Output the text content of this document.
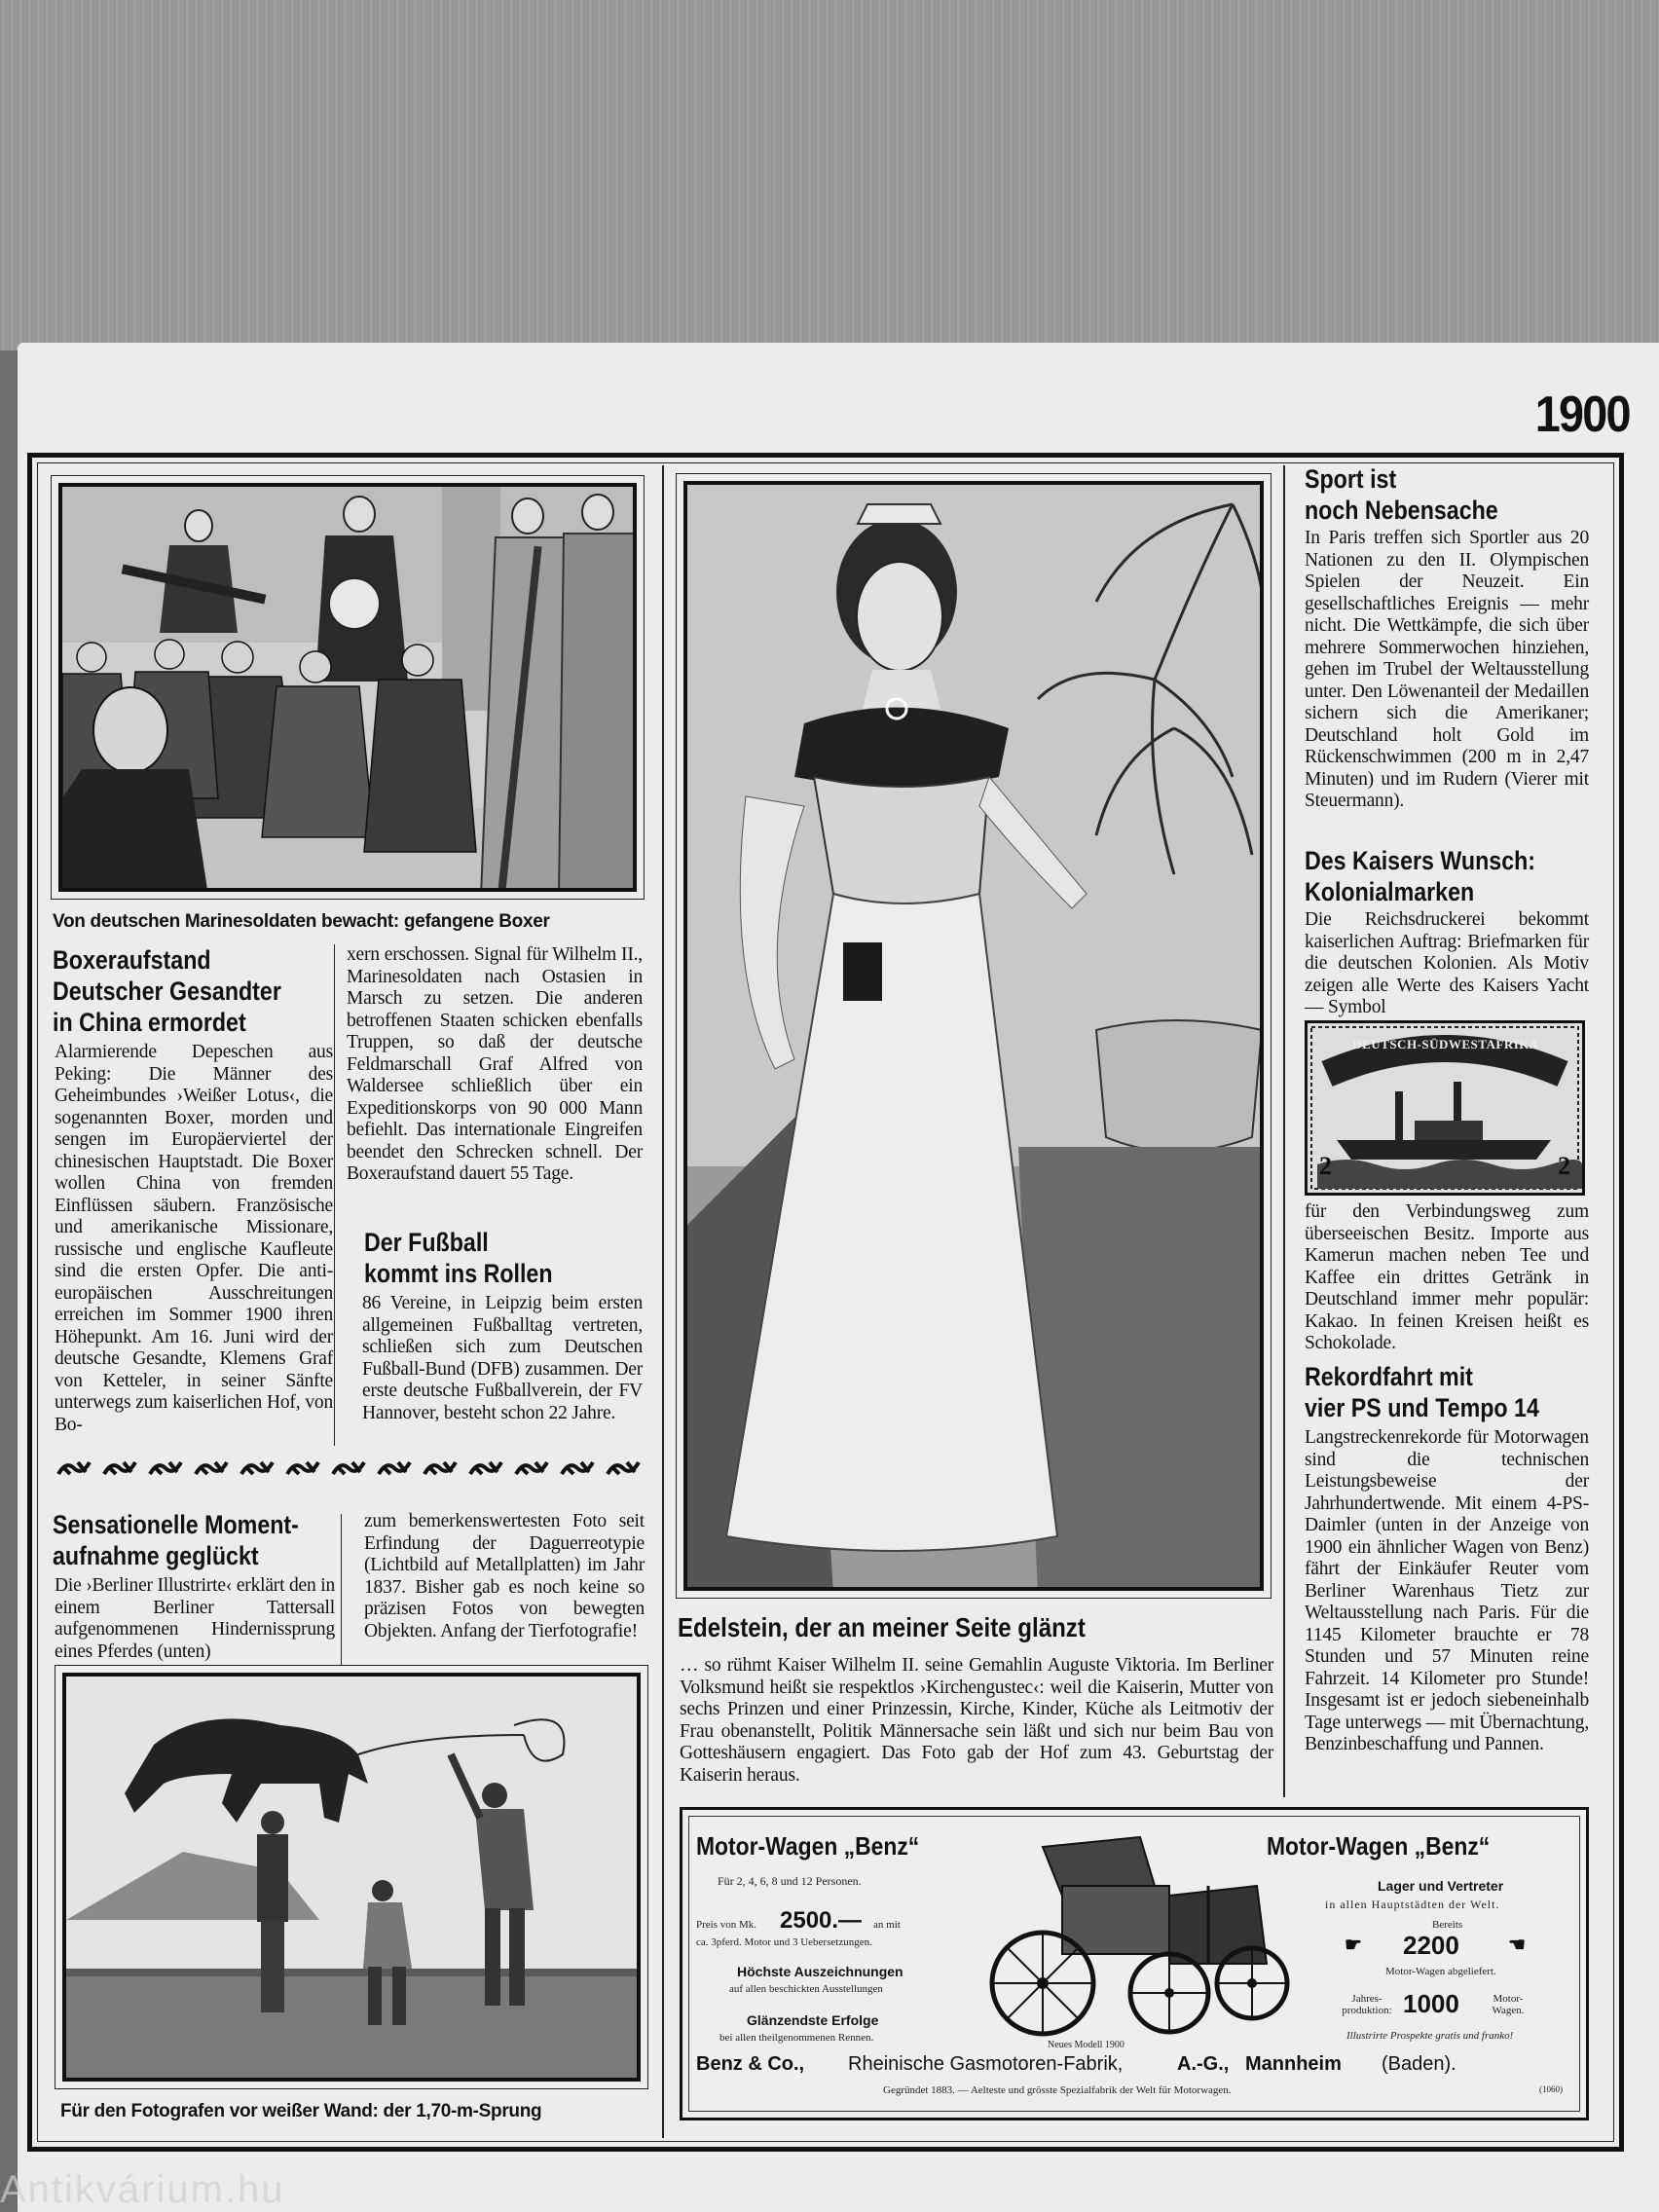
1900
Von deutschen Marinesoldaten bewacht: gefangene Boxer
Boxeraufstand
Deutscher Gesandter
in China ermordet
Alarmierende Depeschen aus Peking: Die Männer des Geheimbundes ›Weißer Lotus‹, die sogenannten Boxer, morden und sengen im Europäerviertel der chinesischen Hauptstadt. Die Boxer wollen China von fremden Einflüssen säubern. Französische und amerikanische Missionare, russische und englische Kaufleute sind die ersten Opfer. Die anti-europäischen Ausschreitungen erreichen im Sommer 1900 ihren Höhepunkt. Am 16. Juni wird der deutsche Gesandte, Klemens Graf von Ketteler, in seiner Sänfte unterwegs zum kaiserlichen Hof, von Bo-
xern erschossen. Signal für Wilhelm II., Marinesoldaten nach Ostasien in Marsch zu setzen. Die anderen betroffenen Staaten schicken ebenfalls Truppen, so daß der deutsche Feldmarschall Graf Alfred von Waldersee schließlich über ein Expeditionskorps von 90 000 Mann befiehlt. Das internationale Eingreifen beendet den Schrecken schnell. Der Boxeraufstand dauert 55 Tage.
Der Fußball
kommt ins Rollen
86 Vereine, in Leipzig beim ersten allgemeinen Fußballtag vertreten, schließen sich zum Deutschen Fußball-Bund (DFB) zusammen. Der erste deutsche Fußballverein, der FV Hannover, besteht schon 22 Jahre.
Sensationelle Moment-
aufnahme geglückt
Die ›Berliner Illustrirte‹ erklärt den in einem Berliner Tattersall aufgenommenen Hindernissprung eines Pferdes (unten)
zum bemerkenswertesten Foto seit Erfindung der Daguerreotypie (Lichtbild auf Metallplatten) im Jahr 1837. Bisher gab es noch keine so präzisen Fotos von bewegten Objekten. Anfang der Tierfotografie!
Für den Fotografen vor weißer Wand: der 1,70-m-Sprung
Edelstein, der an meiner Seite glänzt
… so rühmt Kaiser Wilhelm II. seine Gemahlin Auguste Viktoria. Im Berliner Volksmund heißt sie respektlos ›Kirchengustec‹: weil die Kaiserin, Mutter von sechs Prinzen und einer Prinzessin, Kirche, Kinder, Küche als Leitmotiv der Frau obenanstellt, Politik Männersache sein läßt und sich nur beim Bau von Gotteshäusern engagiert. Das Foto gab der Hof zum 43. Geburtstag der Kaiserin heraus.
Sport ist
noch Nebensache
In Paris treffen sich Sportler aus 20 Nationen zu den II. Olympischen Spielen der Neuzeit. Ein gesellschaftliches Ereignis — mehr nicht. Die Wettkämpfe, die sich über mehrere Sommerwochen hinziehen, gehen im Trubel der Weltausstellung unter. Den Löwenanteil der Medaillen sichern sich die Amerikaner; Deutschland holt Gold im Rückenschwimmen (200 m in 2,47 Minuten) und im Rudern (Vierer mit Steuermann).
Des Kaisers Wunsch:
Kolonialmarken
Die Reichsdruckerei bekommt kaiserlichen Auftrag: Briefmarken für die deutschen Kolonien. Als Motiv zeigen alle Werte des Kaisers Yacht — Symbol
DEUTSCH-SÜDWESTAFRIKA
2	2
für den Verbindungsweg zum überseeischen Besitz. Importe aus Kamerun machen neben Tee und Kaffee ein drittes Getränk in Deutschland immer mehr populär: Kakao. In feinen Kreisen heißt es Schokolade.
Rekordfahrt mit
vier PS und Tempo 14
Langstreckenrekorde für Motorwagen sind die technischen Leistungsbeweise der Jahrhundertwende. Mit einem 4-PS-Daimler (unten in der Anzeige von 1900 ein ähnlicher Wagen von Benz) fährt der Einkäufer Reuter vom Berliner Warenhaus Tietz zur Weltausstellung nach Paris. Für die 1145 Kilometer brauchte er 78 Stunden und 57 Minuten reine Fahrzeit. 14 Kilometer pro Stunde! Insgesamt ist er jedoch siebeneinhalb Tage unterwegs — mit Übernachtung, Benzinbeschaffung und Pannen.
Motor-Wagen „Benz“	Motor-Wagen „Benz“
Für 2, 4, 6, 8 und 12 Personen.
Preis von Mk. 2500.— an mit
ca. 3pferd. Motor und 3 Uebersetzungen.
Höchste Auszeichnungen
auf allen beschickten Ausstellungen
Glänzendste Erfolge
bei allen theilgenommenen Rennen.
Neues Modell 1900
Lager und Vertreter
in allen Hauptstädten der Welt.
Bereits
☛ 2200	☛
Motor-Wagen abgeliefert.
Jahres-produktion: 1000	Motor-Wagen.
Illustrirte Prospekte gratis und franko!
Benz & Co., Rheinische Gasmotoren-Fabrik,	A.-G., Mannheim (Baden).
Gegründet 1883. — Aelteste und grösste Spezialfabrik der Welt für Motorwagen.	(1060)
Antikvárium.hu
